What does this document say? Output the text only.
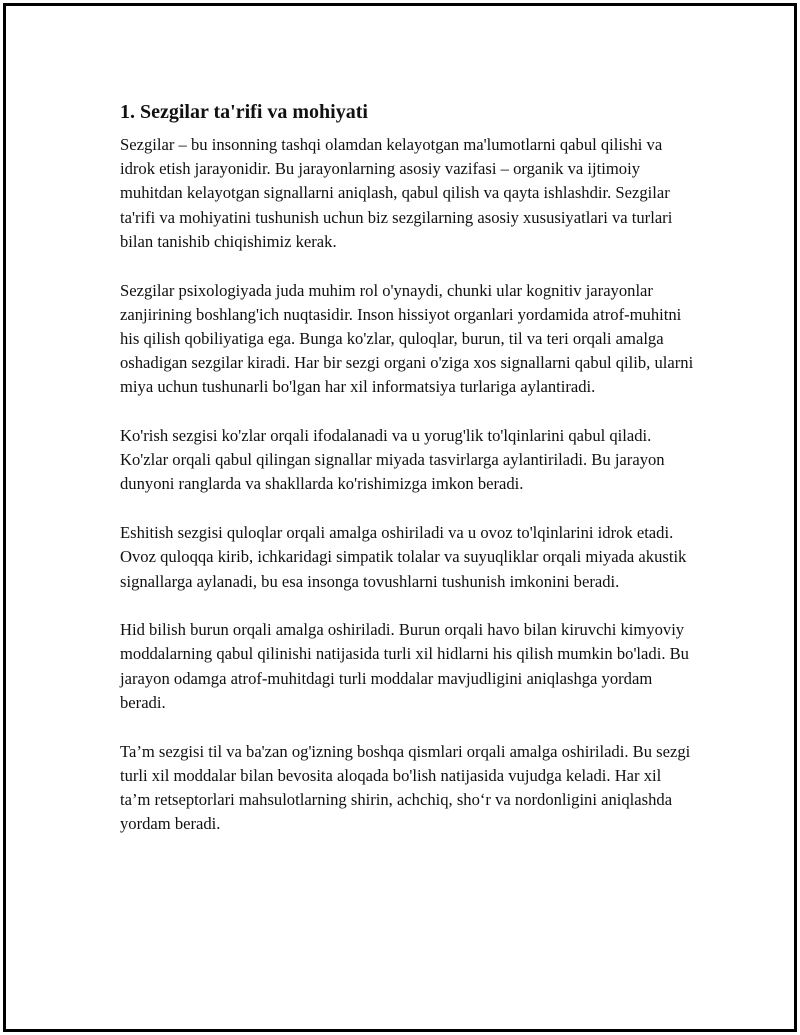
1. Sezgilar ta'rifi va mohiyati

Sezgilar – bu insonning tashqi olamdan kelayotgan ma'lumotlarni qabul qilishi va idrok etish jarayonidir. Bu jarayonlarning asosiy vazifasi – organik va ijtimoiy muhitdan kelayotgan signallarni aniqlash, qabul qilish va qayta ishlashdir. Sezgilar ta'rifi va mohiyatini tushunish uchun biz sezgilarning asosiy xususiyatlari va turlari bilan tanishib chiqishimiz kerak.

Sezgilar psixologiyada juda muhim rol o'ynaydi, chunki ular kognitiv jarayonlar zanjirining boshlang'ich nuqtasidir. Inson hissiyot organlari yordamida atrof-muhitni his qilish qobiliyatiga ega. Bunga ko'zlar, quloqlar, burun, til va teri orqali amalga oshadigan sezgilar kiradi. Har bir sezgi organi o'ziga xos signallarni qabul qilib, ularni miya uchun tushunarli bo'lgan har xil informatsiya turlariga aylantiradi.

Ko'rish sezgisi ko'zlar orqali ifodalanadi va u yorug'lik to'lqinlarini qabul qiladi. Ko'zlar orqali qabul qilingan signallar miyada tasvirlarga aylantiriladi. Bu jarayon dunyoni ranglarda va shakllarda ko'rishimizga imkon beradi.

Eshitish sezgisi quloqlar orqali amalga oshiriladi va u ovoz to'lqinlarini idrok etadi. Ovoz quloqqa kirib, ichkaridagi simpatik tolalar va suyuqliklar orqali miyada akustik signallarga aylanadi, bu esa insonga tovushlarni tushunish imkonini beradi.

Hid bilish burun orqali amalga oshiriladi. Burun orqali havo bilan kiruvchi kimyoviy moddalarning qabul qilinishi natijasida turli xil hidlarni his qilish mumkin bo'ladi. Bu jarayon odamga atrof-muhitdagi turli moddalar mavjudligini aniqlashga yordam beradi.

Ta’m sezgisi til va ba'zan og'izning boshqa qismlari orqali amalga oshiriladi. Bu sezgi turli xil moddalar bilan bevosita aloqada bo'lish natijasida vujudga keladi. Har xil ta’m retseptorlari mahsulotlarning shirin, achchiq, sho‘r va nordonligini aniqlashda yordam beradi.
